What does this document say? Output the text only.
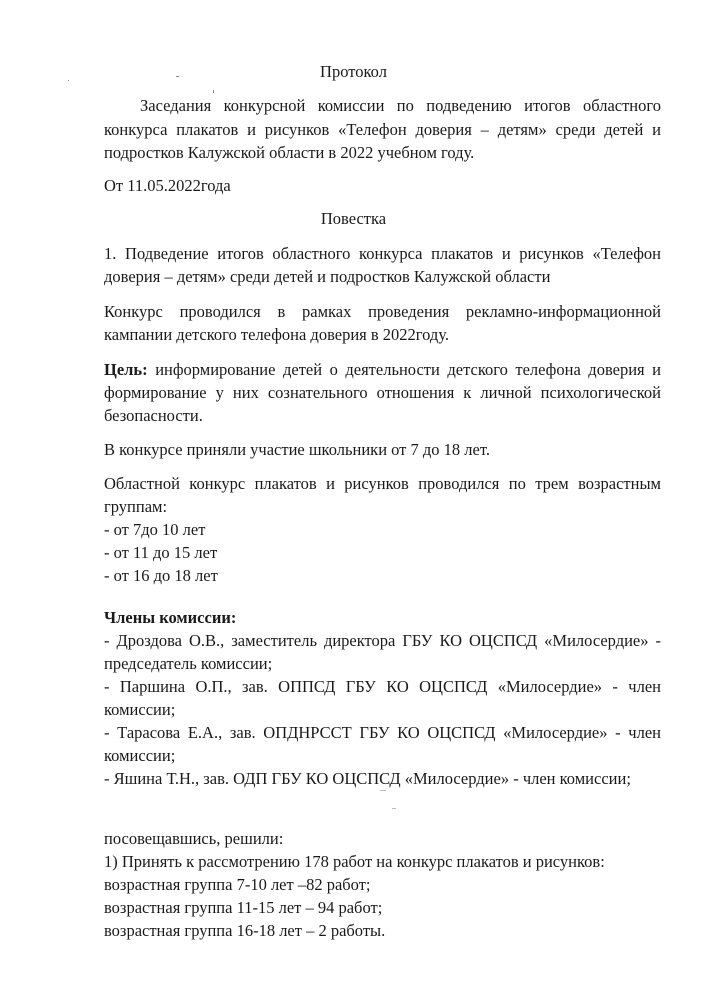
Протокол
Заседания конкурсной комиссии по подведению итогов областного
конкурса плакатов и рисунков «Телефон доверия – детям» среди детей и
подростков Калужской области в 2022 учебном году.
От 11.05.2022года
Повестка
1. Подведение итогов областного конкурса плакатов и рисунков «Телефон
доверия – детям» среди детей и подростков Калужской области
Конкурс проводился в рамках проведения рекламно-информационной
кампании детского телефона доверия в 2022году.
Цель: информирование детей о деятельности детского телефона доверия и
формирование у них сознательного отношения к личной психологической
безопасности.
В конкурсе приняли участие школьники от 7 до 18 лет.
Областной конкурс плакатов и рисунков проводился по трем возрастным
группам:
- от 7до 10 лет
- от 11 до 15 лет
- от 16 до 18 лет
Члены комиссии:
- Дроздова О.В., заместитель директора ГБУ КО ОЦСПСД «Милосердие» -
председатель комиссии;
- Паршина О.П., зав. ОППСД ГБУ КО ОЦСПСД «Милосердие» - член
комиссии;
- Тарасова Е.А., зав. ОПДНРССТ ГБУ КО ОЦСПСД «Милосердие» - член
комиссии;
- Яшина Т.Н., зав. ОДП ГБУ КО ОЦСПСД «Милосердие» - член комиссии;
посовещавшись, решили:
1) Принять к рассмотрению 178 работ на конкурс плакатов и рисунков:
возрастная группа 7-10 лет –82 работ;
возрастная группа 11-15 лет – 94 работ;
возрастная группа 16-18 лет – 2 работы.
